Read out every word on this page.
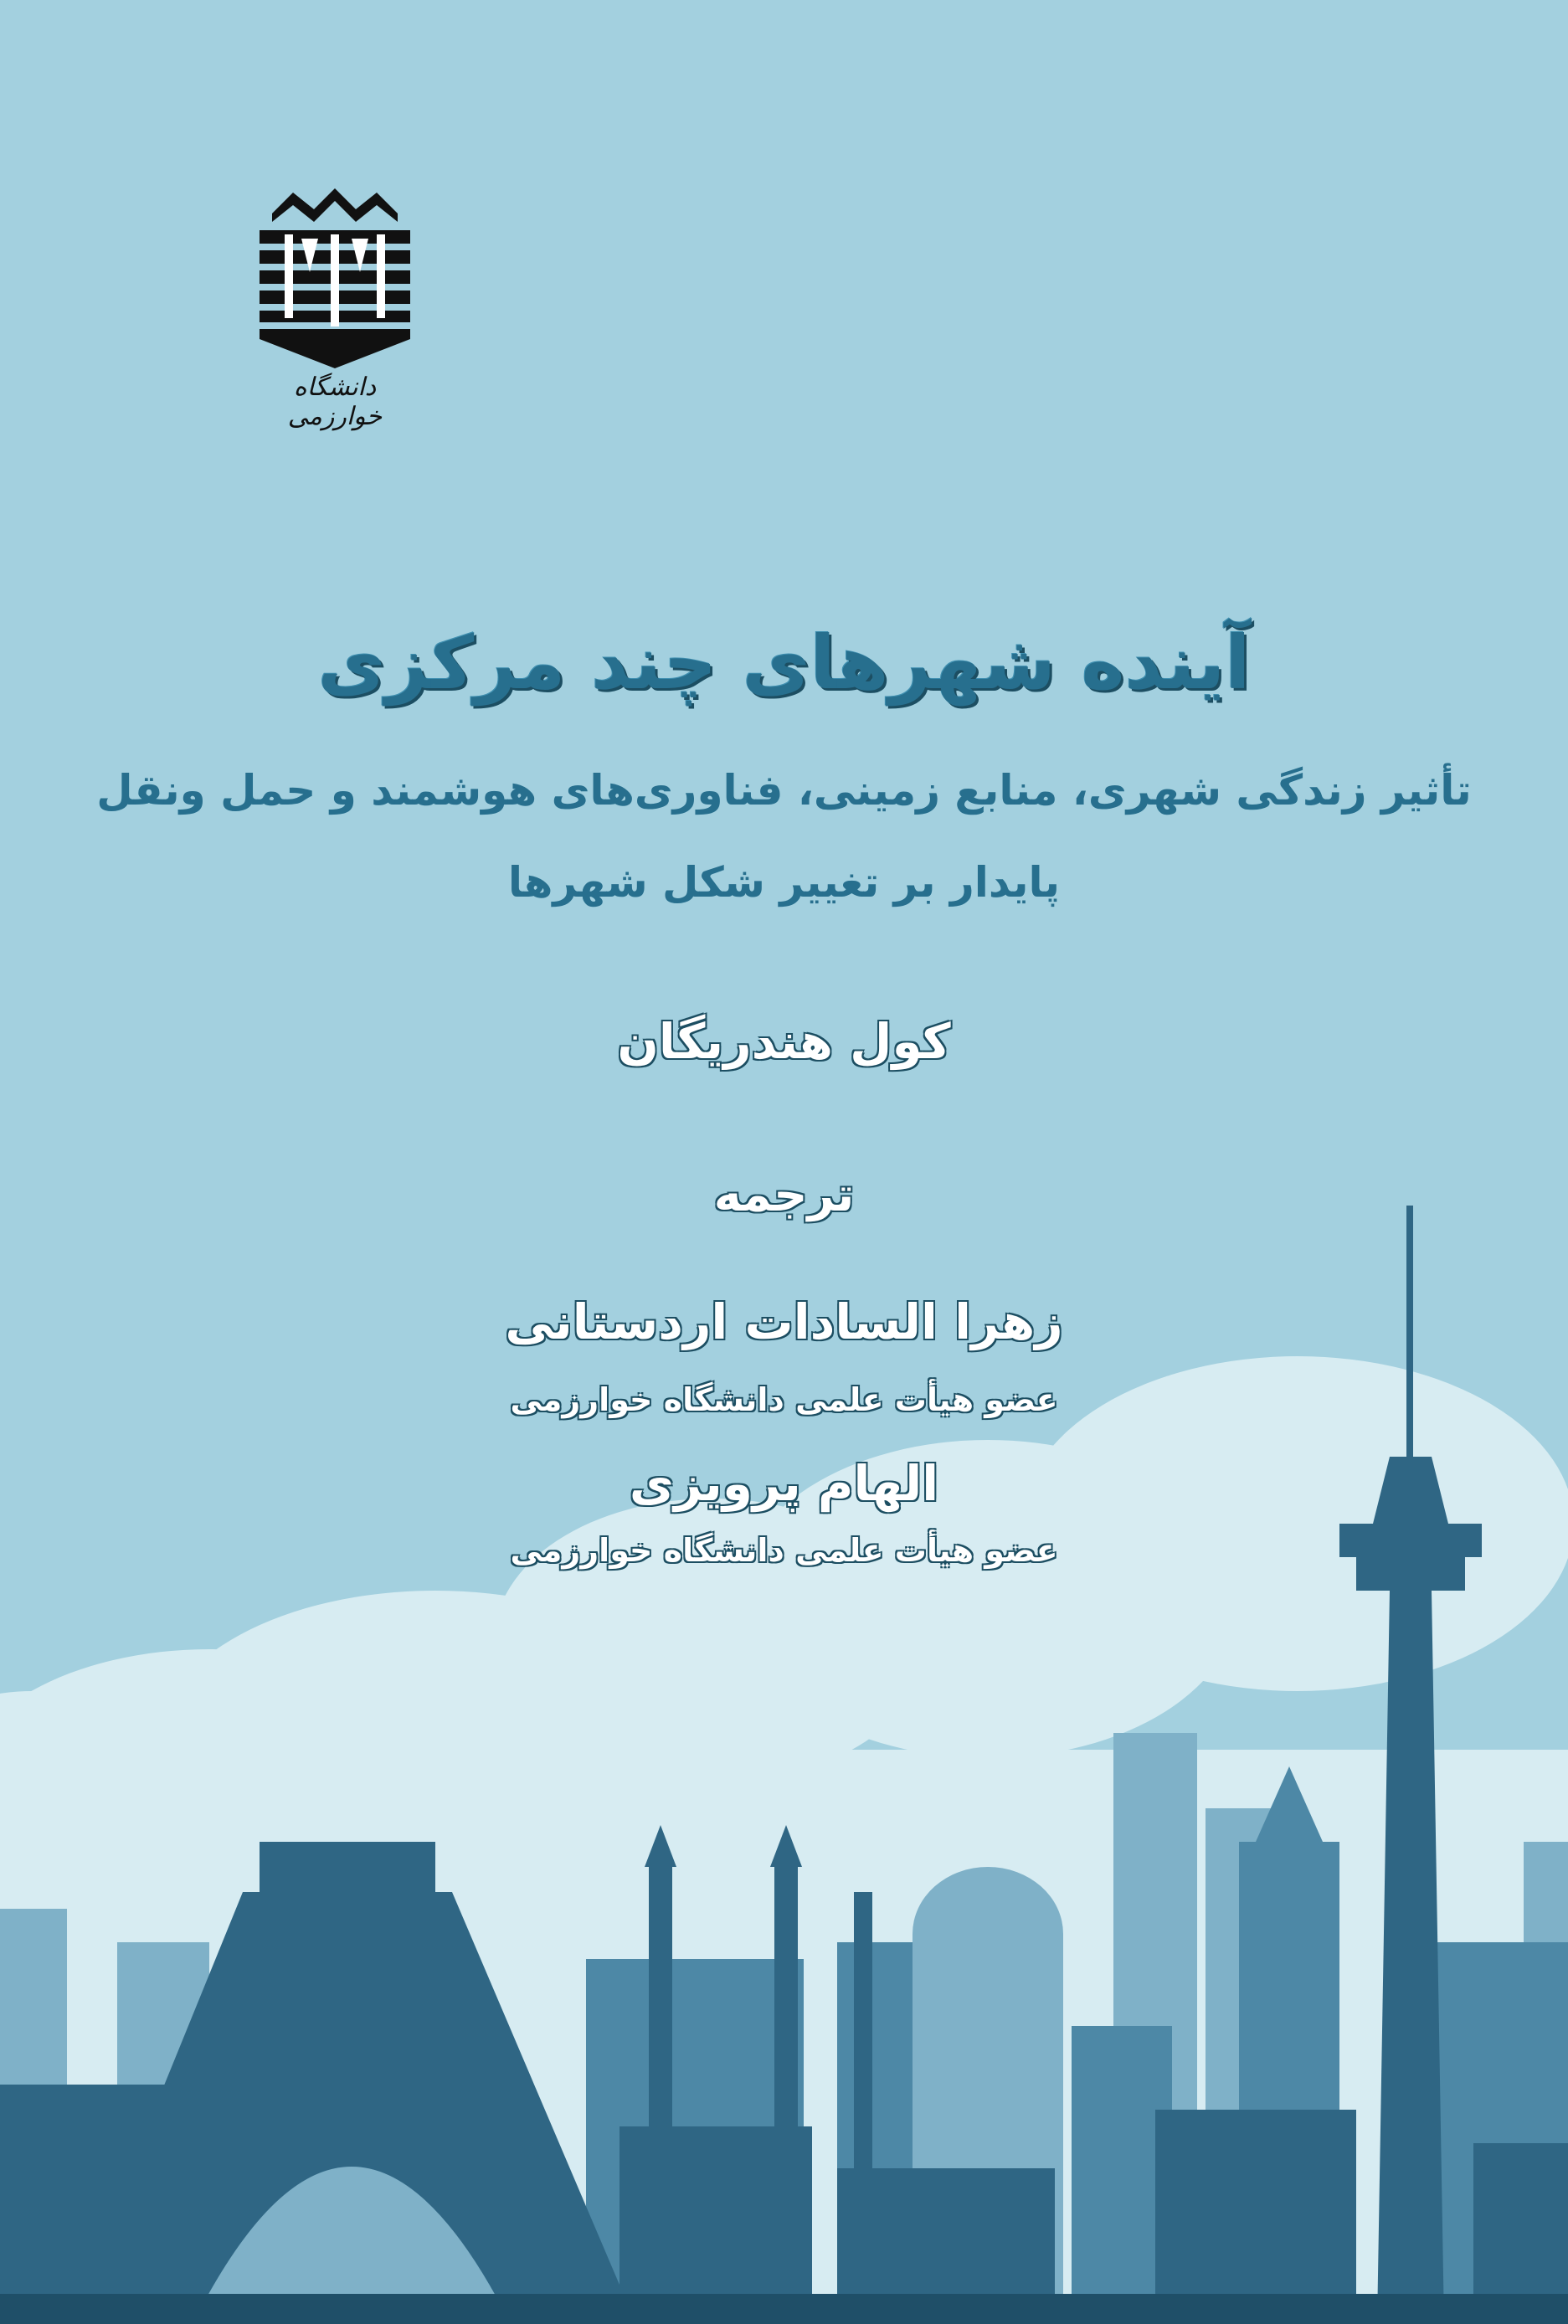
دانشگاه خوارزمی
آینده شهرهای چند مرکزی
تأثیر زندگی شهری، منابع زمینی، فناوری‌های هوشمند و حمل ونقل
پایدار بر تغییر شکل شهرها
کول هندریگان
ترجمه
زهرا السادات اردستانی
عضو هیأت علمی دانشگاه خوارزمی
الهام پرویزی
عضو هیأت علمی دانشگاه خوارزمی
